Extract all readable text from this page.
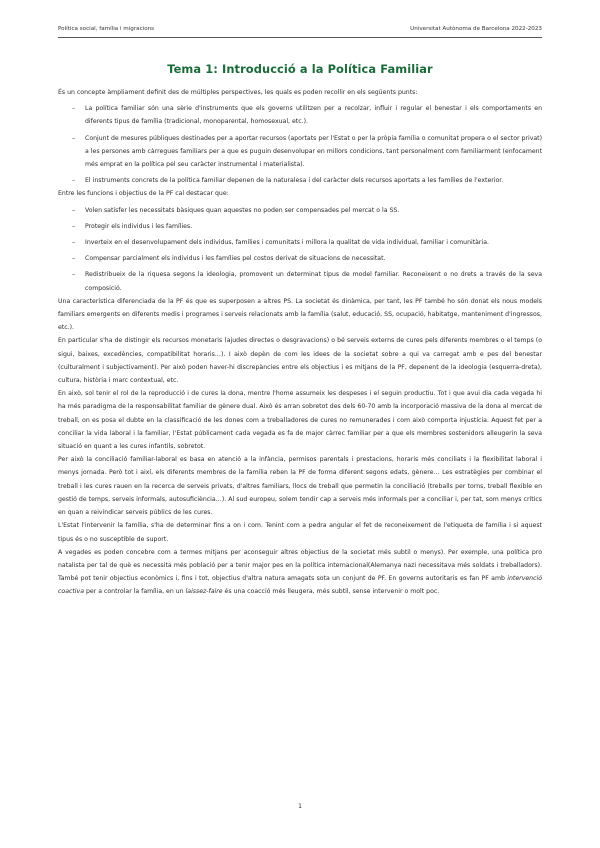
Política social, família i migracions	Universitat Autònoma de Barcelona 2022-2023
Tema 1: Introducció a la Política Familiar

És un concepte àmpliament definit des de múltiples perspectives, les quals es poden recollir en els següents punts:

– La política familiar són una sèrie d'instruments que els governs utilitzen per a recolzar, influir i regular el benestar i els comportaments en diferents tipus de família (tradicional, monoparental, homosexual, etc.).
– Conjunt de mesures públiques destinades per a aportar recursos (aportats per l'Estat o per la pròpia família o comunitat propera o el sector privat) a les persones amb càrregues familiars per a que es puguin desenvolupar en millors condicions, tant personalment com familiarment (enfocament més emprat en la política pel seu caràcter instrumental i materialista).
– El instruments concrets de la política familiar depenen de la naturalesa i del caràcter dels recursos aportats a les famílies de l'exterior.

Entre les funcions i objectius de la PF cal destacar que:

– Volen satisfer les necessitats bàsiques quan aquestes no poden ser compensades pel mercat o la SS.
– Protegir els individus i les famílies.
– Inverteix en el desenvolupament dels individus, famílies i comunitats i millora la qualitat de vida individual, familiar i comunitària.
– Compensar parcialment els individus i les famílies pel costos derivat de situacions de necessitat.
– Redistribueix de la riquesa segons la ideologia, promovent un determinat tipus de model familiar. Reconeixent o no drets a través de la seva composició.

Una característica diferenciada de la PF és que es superposen a altres PS. La societat és dinàmica, per tant, les PF també ho són donat els nous models familiars emergents en diferents medis i programes i serveis relacionats amb la família (salut, educació, SS, ocupació, habitatge, manteniment d'ingressos, etc.).

En particular s'ha de distingir els recursos monetaris (ajudes directes o desgravacions) o bé serveis externs de cures pels diferents membres o el temps (o sigui, baixes, excedències, compatibilitat horaris…). I això depèn de com les idees de la societat sobre a qui va carregat amb e pes del benestar (culturalment i subjectivament). Per això poden haver-hi discrepàncies entre els objectius i es mitjans de la PF, depenent de la ideologia (esquerra-dreta), cultura, història i marc contextual, etc.

En això, sol tenir el rol de la reproducció i de cures la dona, mentre l'home assumeix les despeses i el seguin productiu. Tot i que avui dia cada vegada hi ha més paradigma de la responsabilitat familiar de gènere dual. Això és arran sobretot des dels 60-70 amb la incorporació massiva de la dona al mercat de treball, on es posa el dubte en la classificació de les dones com a treballadores de cures no remunerades i com això comporta injustícia. Aquest fet per a conciliar la vida laboral i la familiar, l'Estat públicament cada vegada es fa de major càrrec familiar per a que els membres sostenidors alleugerin la seva situació en quant a les cures infantils, sobretot.

Per això la conciliació familiar-laboral es basa en atenció a la infància, permisos parentals i prestacions, horaris més conciliats i la flexibilitat laboral i menys jornada. Però tot i així, els diferents membres de la família reben la PF de forma diferent segons edats, gènere… Les estratègies per combinar el treball i les cures rauen en la recerca de serveis privats, d'altres familiars, llocs de treball que permetin la conciliació (treballs per torns, treball flexible en gestió de temps, serveis informals, autosuficiència…). Al sud europeu, solem tendir cap a serveis més informals per a conciliar i, per tat, som menys crítics en quan a reivindicar serveis públics de les cures.

L'Estat l'intervenir la família, s'ha de determinar fins a on i com. Tenint com a pedra angular el fet de reconeixement de l'etiqueta de família i si aquest tipus és o no susceptible de suport.

A vegades es poden concebre com a termes mitjans per aconseguir altres objectius de la societat més subtil o menys). Per exemple, una política pro natalista per tal de què es necessita més població per a tenir major pes en la política internacional(Alemanya nazi necessitava més soldats i treballadors). També pot tenir objectius econòmics i, fins i tot, objectius d'altra natura amagats sota un conjunt de PF. En governs autoritaris es fan PF amb intervenció coactiva per a controlar la família, en un laissez-faire és una coacció més lleugera, més subtil, sense intervenir o molt poc.

1
